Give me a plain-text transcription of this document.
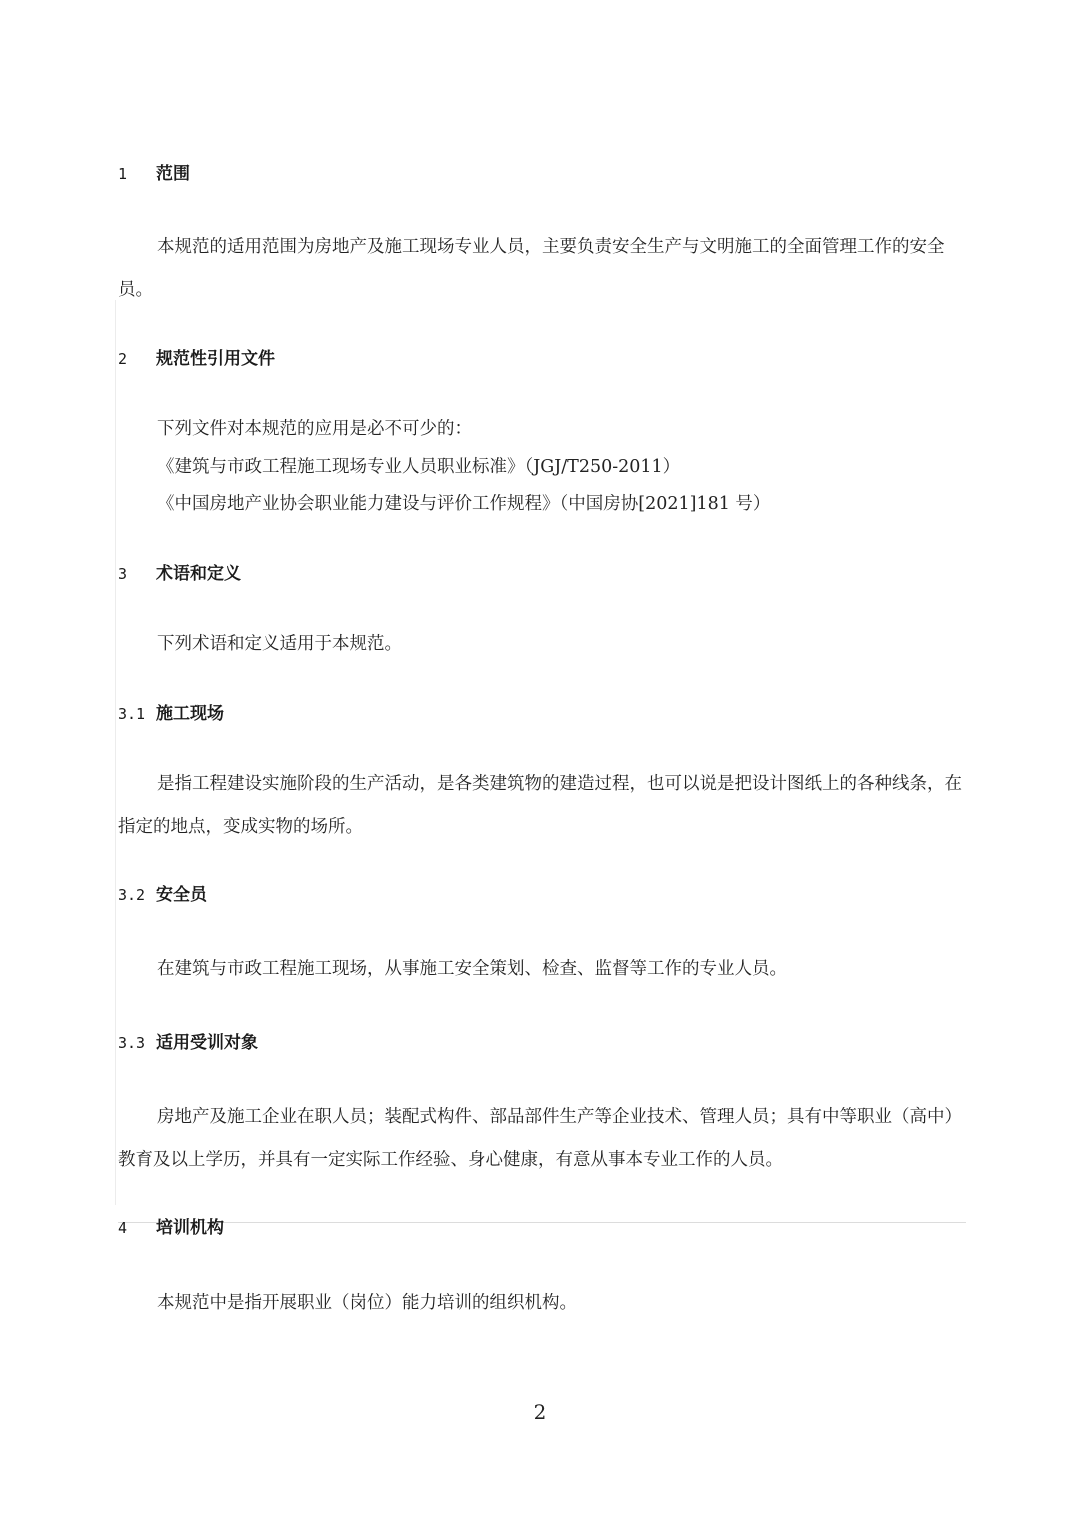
1 范围

本规范的适用范围为房地产及施工现场专业人员，主要负责安全生产与文明施工的全面管理工作的安全员。

2 规范性引用文件
下列文件对本规范的应用是必不可少的：
《建筑与市政工程施工现场专业人员职业标准》（JGJ/T250-2011）
《中国房地产业协会职业能力建设与评价工作规程》（中国房协[2021]181 号）
3 术语和定义
下列术语和定义适用于本规范。
3.1 施工现场

是指工程建设实施阶段的生产活动，是各类建筑物的建造过程，也可以说是把设计图纸上的各种线条，在指定的地点，变成实物的场所。

3.2 安全员
在建筑与市政工程施工现场，从事施工安全策划、检查、监督等工作的专业人员。
3.3 适用受训对象

房地产及施工企业在职人员；装配式构件、部品部件生产等企业技术、管理人员；具有中等职业（高中）教育及以上学历，并具有一定实际工作经验、身心健康，有意从事本专业工作的人员。

4 培训机构
本规范中是指开展职业（岗位）能力培训的组织机构。
2
